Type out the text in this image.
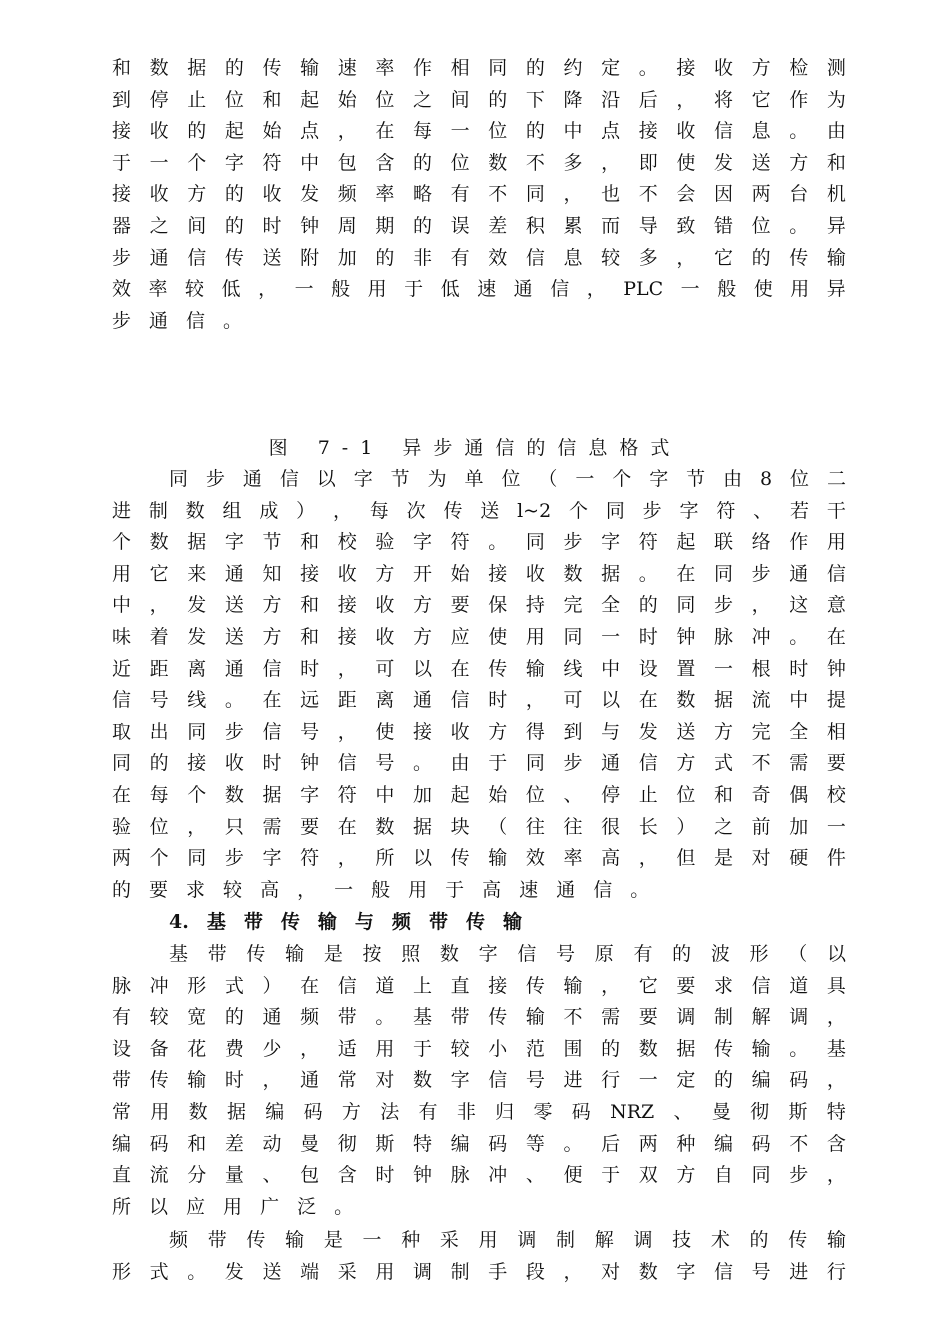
和 数 据 的 传 输 速 率 作 相 同 的 约 定 。 接 收 方 检 测
到 停 止 位 和 起 始 位 之 间 的 下 降 沿 后 ， 将 它 作 为
接 收 的 起 始 点 ， 在 每 一 位 的 中 点 接 收 信 息 。 由
于 一 个 字 符 中 包 含 的 位 数 不 多 ， 即 使 发 送 方 和
接 收 方 的 收 发 频 率 略 有 不 同 ， 也 不 会 因 两 台 机
器 之 间 的 时 钟 周 期 的 误 差 积 累 而 导 致 错 位 。 异
步 通 信 传 送 附 加 的 非 有 效 信 息 较 多 ， 它 的 传 输
效 率 较 低 ， 一 般 用 于 低 速 通 信 ， PLC 一 般 使 用 异
步 通 信 。
图 7-1 异步通信的信息格式
同 步 通 信 以 字 节 为 单 位 （ 一 个 字 节 由 8 位 二
进 制 数 组 成 ） ， 每 次 传 送 l~2 个 同 步 字 符 、 若 干
个 数 据 字 节 和 校 验 字 符 。 同 步 字 符 起 联 络 作 用
用 它 来 通 知 接 收 方 开 始 接 收 数 据 。 在 同 步 通 信
中 ， 发 送 方 和 接 收 方 要 保 持 完 全 的 同 步 ， 这 意
味 着 发 送 方 和 接 收 方 应 使 用 同 一 时 钟 脉 冲 。 在
近 距 离 通 信 时 ， 可 以 在 传 输 线 中 设 置 一 根 时 钟
信 号 线 。 在 远 距 离 通 信 时 ， 可 以 在 数 据 流 中 提
取 出 同 步 信 号 ， 使 接 收 方 得 到 与 发 送 方 完 全 相
同 的 接 收 时 钟 信 号 。 由 于 同 步 通 信 方 式 不 需 要
在 每 个 数 据 字 符 中 加 起 始 位 、 停 止 位 和 奇 偶 校
验 位 ， 只 需 要 在 数 据 块 （ 往 往 很 长 ） 之 前 加 一
两 个 同 步 字 符 ， 所 以 传 输 效 率 高 ， 但 是 对 硬 件
的 要 求 较 高 ， 一 般 用 于 高 速 通 信 。
4. 基 带 传 输 与 频 带 传 输
基 带 传 输 是 按 照 数 字 信 号 原 有 的 波 形 （ 以
脉 冲 形 式 ） 在 信 道 上 直 接 传 输 ， 它 要 求 信 道 具
有 较 宽 的 通 频 带 。 基 带 传 输 不 需 要 调 制 解 调 ，
设 备 花 费 少 ， 适 用 于 较 小 范 围 的 数 据 传 输 。 基
带 传 输 时 ， 通 常 对 数 字 信 号 进 行 一 定 的 编 码 ，
常 用 数 据 编 码 方 法 有 非 归 零 码 NRZ 、 曼 彻 斯 特
编 码 和 差 动 曼 彻 斯 特 编 码 等 。 后 两 种 编 码 不 含
直 流 分 量 、 包 含 时 钟 脉 冲 、 便 于 双 方 自 同 步 ，
所 以 应 用 广 泛 。
频 带 传 输 是 一 种 采 用 调 制 解 调 技 术 的 传 输
形 式 。 发 送 端 采 用 调 制 手 段 ， 对 数 字 信 号 进 行
